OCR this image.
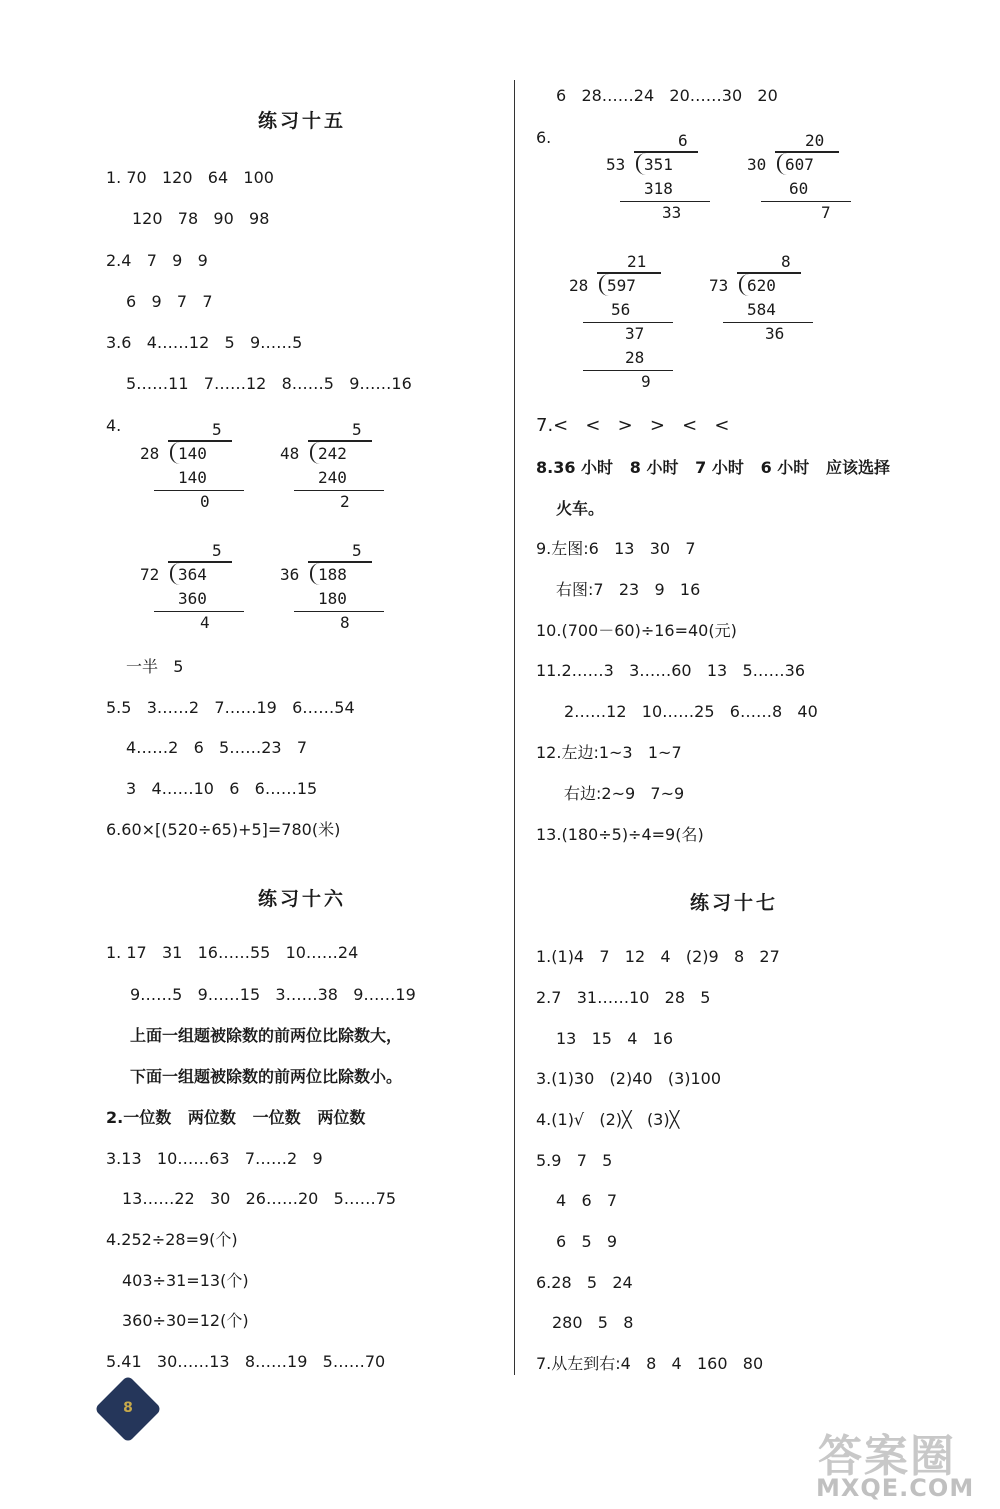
练习十五
1. 70   120   64   100
120   78   90   98
2.4   7   9   9
6   9   7   7
3.6   4……12   5   9……5
5……11   7……12   8……5   9……16
4.	5
28 140
140
0
5
48 242
240
2
5
72 364
360
4
5
36 188
180
8
一半   5
5.5   3……2   7……19   6……54
4……2   6   5……23   7
3   4……10   6   6……15
6.60×[(520÷65)+5]=780(米)
练习十六
1. 17   31   16……55   10……24
9……5   9……15   3……38   9……19
上面一组题被除数的前两位比除数大，
下面一组题被除数的前两位比除数小。
2.一位数   两位数   一位数   两位数
3.13   10……63   7……2   9
13……22   30   26……20   5……75
4.252÷28=9(个)
403÷31=13(个)
360÷30=12(个)
5.41   30……13   8……19   5……70
6   28……24   20……30   20
6.	6
53 351
318
33
20
30 607
60
7
21
28 597
56
37
28
9
8
73 620
584
36
7.<   <   >   >   <   <
8.36 小时   8 小时   7 小时   6 小时   应该选择
火车。
9.左图:6   13   30   7
右图:7   23   9   16
10.(700－60)÷16=40(元)
11.2……3   3……60   13   5……36
2……12   10……25   6……8   40
12.左边:1~3   1~7
右边:2~9   7~9
13.(180÷5)÷4=9(名)
练习十七
1.(1)4   7   12   4   (2)9   8   27
2.7   31……10   28   5
13   15   4   16
3.(1)30   (2)40   (3)100
4.(1)√   (2)╳   (3)╳
5.9   7   5
4   6   7
6   5   9
6.28   5   24
280   5   8
7.从左到右:4   8   4   160   80
8
答案圈
MXQE.COM
